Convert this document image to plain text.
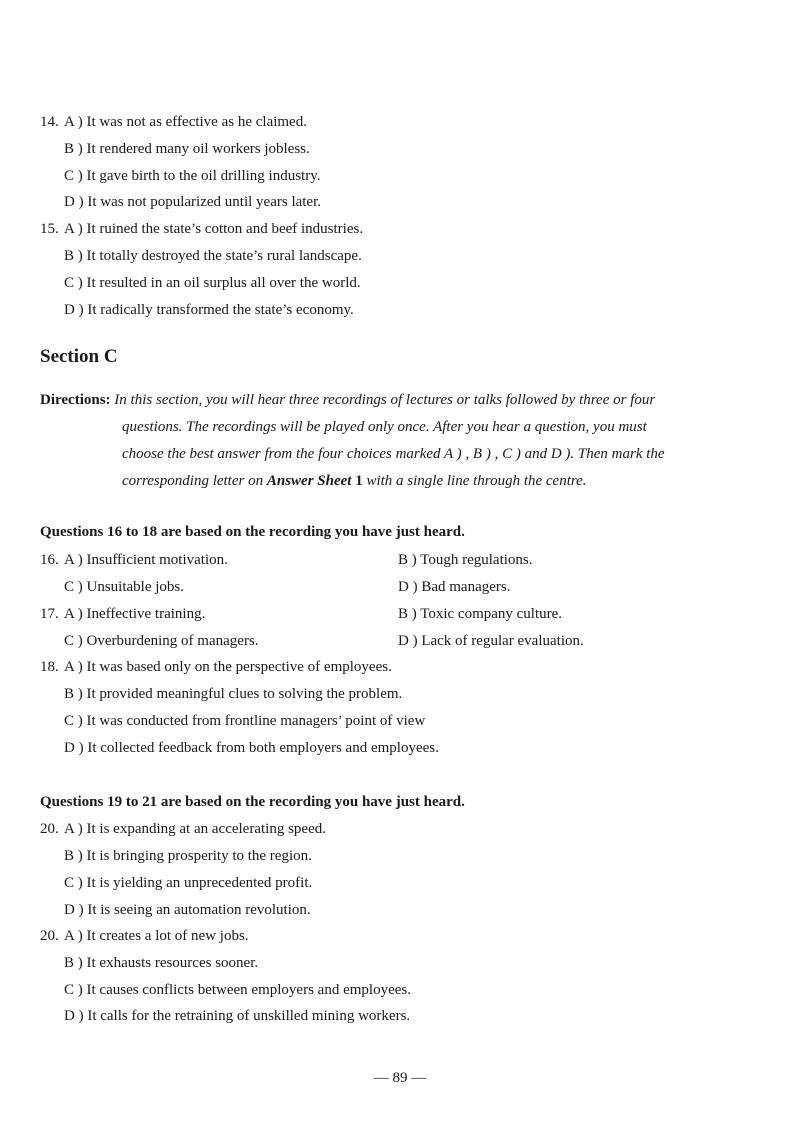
14. A ) It was not as effective as he claimed.
B ) It rendered many oil workers jobless.
C ) It gave birth to the oil drilling industry.
D ) It was not popularized until years later.
15. A ) It ruined the state’s cotton and beef industries.
B ) It totally destroyed the state’s rural landscape.
C ) It resulted in an oil surplus all over the world.
D ) It radically transformed the state’s economy.
Section C
Directions: In this section, you will hear three recordings of lectures or talks followed by three or four
questions. The recordings will be played only once. After you hear a question, you must
choose the best answer from the four choices marked A ) , B ) , C ) and D ). Then mark the
corresponding letter on Answer Sheet 1 with a single line through the centre.
Questions 16 to 18 are based on the recording you have just heard.
16. A ) Insufficient motivation.	B ) Tough regulations.
C ) Unsuitable jobs.	D ) Bad managers.
17. A ) Ineffective training.	B ) Toxic company culture.
C ) Overburdening of managers.	D ) Lack of regular evaluation.
18. A ) It was based only on the perspective of employees.
B ) It provided meaningful clues to solving the problem.
C ) It was conducted from frontline managers’ point of view
D ) It collected feedback from both employers and employees.
Questions 19 to 21 are based on the recording you have just heard.
20. A ) It is expanding at an accelerating speed.
B ) It is bringing prosperity to the region.
C ) It is yielding an unprecedented profit.
D ) It is seeing an automation revolution.
20. A ) It creates a lot of new jobs.
B ) It exhausts resources sooner.
C ) It causes conflicts between employers and employees.
D ) It calls for the retraining of unskilled mining workers.
— 89 —
